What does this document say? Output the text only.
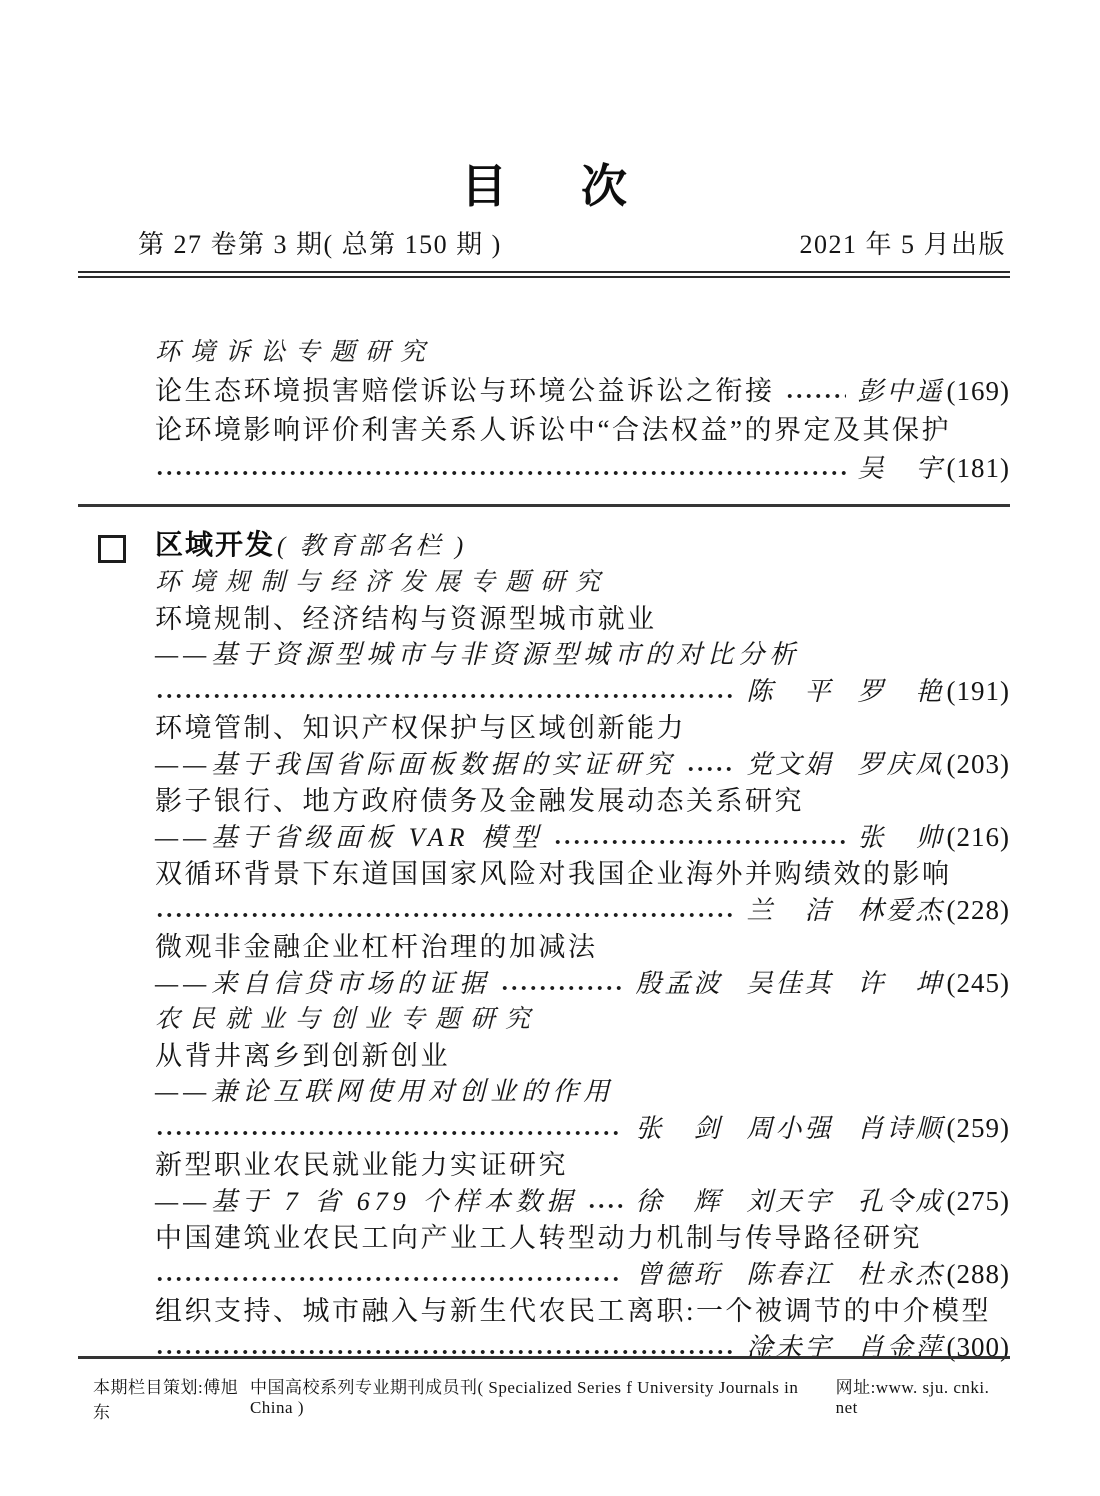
目　次
第 27 卷第 3 期( 总第 150 期 )	2021 年 5 月出版
环境诉讼专题研究
论生态环境损害赔偿诉讼与环境公益诉讼之衔接	彭中遥(169)
论环境影响评价利害关系人诉讼中“合法权益”的界定及其保护
吴　宇(181)
区域开发 ( 教育部名栏 )
环境规制与经济发展专题研究
环境规制、经济结构与资源型城市就业
——基于资源型城市与非资源型城市的对比分析
陈　平 罗　艳(191)
环境管制、知识产权保护与区域创新能力
——基于我国省际面板数据的实证研究	党文娟 罗庆凤(203)
影子银行、地方政府债务及金融发展动态关系研究
——基于省级面板 VAR 模型	张　帅(216)
双循环背景下东道国国家风险对我国企业海外并购绩效的影响
兰　洁 林爱杰(228)
微观非金融企业杠杆治理的加减法
——来自信贷市场的证据	殷孟波 吴佳其 许　坤(245)
农民就业与创业专题研究
从背井离乡到创新创业
——兼论互联网使用对创业的作用
张　剑 周小强 肖诗顺(259)
新型职业农民就业能力实证研究
——基于 7 省 679 个样本数据 徐　辉 刘天宇 孔令成(275)
中国建筑业农民工向产业工人转型动力机制与传导路径研究
曾德珩 陈春江 杜永杰(288)
组织支持、城市融入与新生代农民工离职:一个被调节的中介模型
淦未宇 肖金萍(300)
本期栏目策划:傅旭东
中国高校系列专业期刊成员刊( Specialized Series f University Journals in China )
网址:www. sju. cnki. net
